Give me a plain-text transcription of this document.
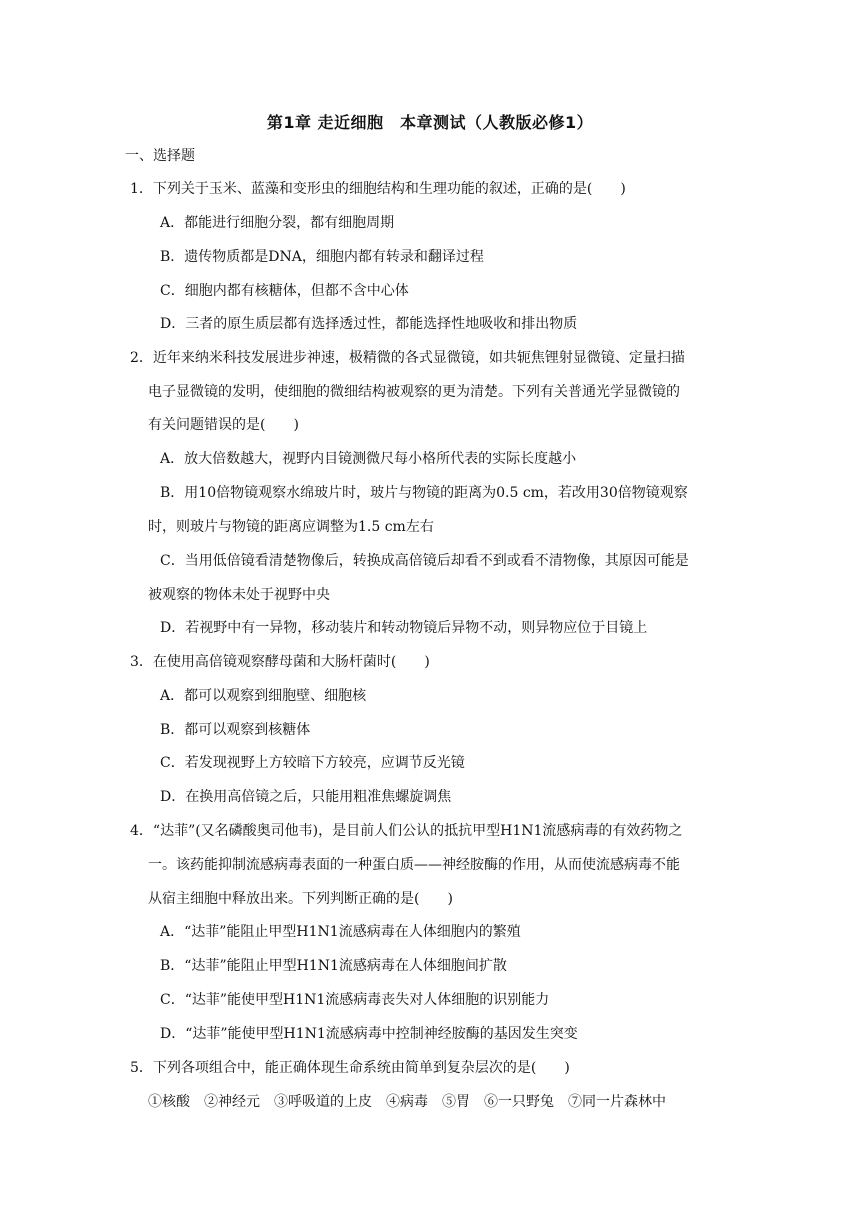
第1章 走近细胞　本章测试（人教版必修1）
一、选择题
1．下列关于玉米、蓝藻和变形虫的细胞结构和生理功能的叙述，正确的是(　　)
A．都能进行细胞分裂，都有细胞周期
B．遗传物质都是DNA，细胞内都有转录和翻译过程
C．细胞内都有核糖体，但都不含中心体
D．三者的原生质层都有选择透过性，都能选择性地吸收和排出物质
2．近年来纳米科技发展进步神速，极精微的各式显微镜，如共轭焦锂射显微镜、定量扫描
电子显微镜的发明，使细胞的微细结构被观察的更为清楚。下列有关普通光学显微镜的
有关问题错误的是(　　)
A．放大倍数越大，视野内目镜测微尺每小格所代表的实际长度越小
B．用10倍物镜观察水绵玻片时，玻片与物镜的距离为0.5 cm，若改用30倍物镜观察
时，则玻片与物镜的距离应调整为1.5 cm左右
C．当用低倍镜看清楚物像后，转换成高倍镜后却看不到或看不清物像，其原因可能是
被观察的物体未处于视野中央
D．若视野中有一异物，移动装片和转动物镜后异物不动，则异物应位于目镜上
3．在使用高倍镜观察酵母菌和大肠杆菌时(　　)
A．都可以观察到细胞壁、细胞核
B．都可以观察到核糖体
C．若发现视野上方较暗下方较亮，应调节反光镜
D．在换用高倍镜之后，只能用粗准焦螺旋调焦
4．“达菲”(又名磷酸奥司他韦)，是目前人们公认的抵抗甲型H1N1流感病毒的有效药物之
一。该药能抑制流感病毒表面的一种蛋白质——神经胺酶的作用，从而使流感病毒不能
从宿主细胞中释放出来。下列判断正确的是(　　)
A．“达菲”能阻止甲型H1N1流感病毒在人体细胞内的繁殖
B．“达菲”能阻止甲型H1N1流感病毒在人体细胞间扩散
C．“达菲”能使甲型H1N1流感病毒丧失对人体细胞的识别能力
D．“达菲”能使甲型H1N1流感病毒中控制神经胺酶的基因发生突变
5．下列各项组合中，能正确体现生命系统由简单到复杂层次的是(　　)
①核酸　②神经元　③呼吸道的上皮　④病毒　⑤胃　⑥一只野兔　⑦同一片森林中
